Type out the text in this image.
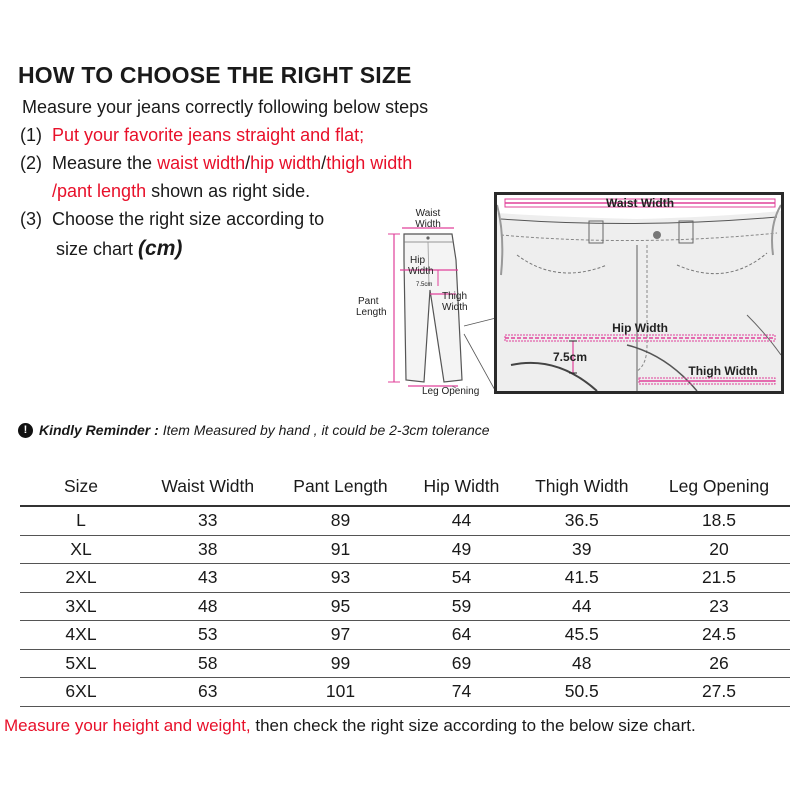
HOW TO CHOOSE THE RIGHT SIZE
Measure your jeans correctly following below steps
(1) Put your favorite jeans straight and flat;
(2) Measure the waist width/hip width/thigh width
/pant length shown as right side.
(3) Choose the right size according to
size chart (cm)
Waist
Width
Hip
Width
7.5cm
Thigh
Width
Pant
Length
Leg Opening
Waist Width
Hip Width
7.5cm
Thigh Width
! Kindly Reminder : Item Measured by hand , it could be 2-3cm tolerance
Size	Waist Width	Pant Length	Hip Width	Thigh Width	Leg Opening
L	33	89	44	36.5	18.5
XL	38	91	49	39	20
2XL	43	93	54	41.5	21.5
3XL	48	95	59	44	23
4XL	53	97	64	45.5	24.5
5XL	58	99	69	48	26
6XL	63	101	74	50.5	27.5
Measure your height and weight, then check the right size according to the below size chart.
